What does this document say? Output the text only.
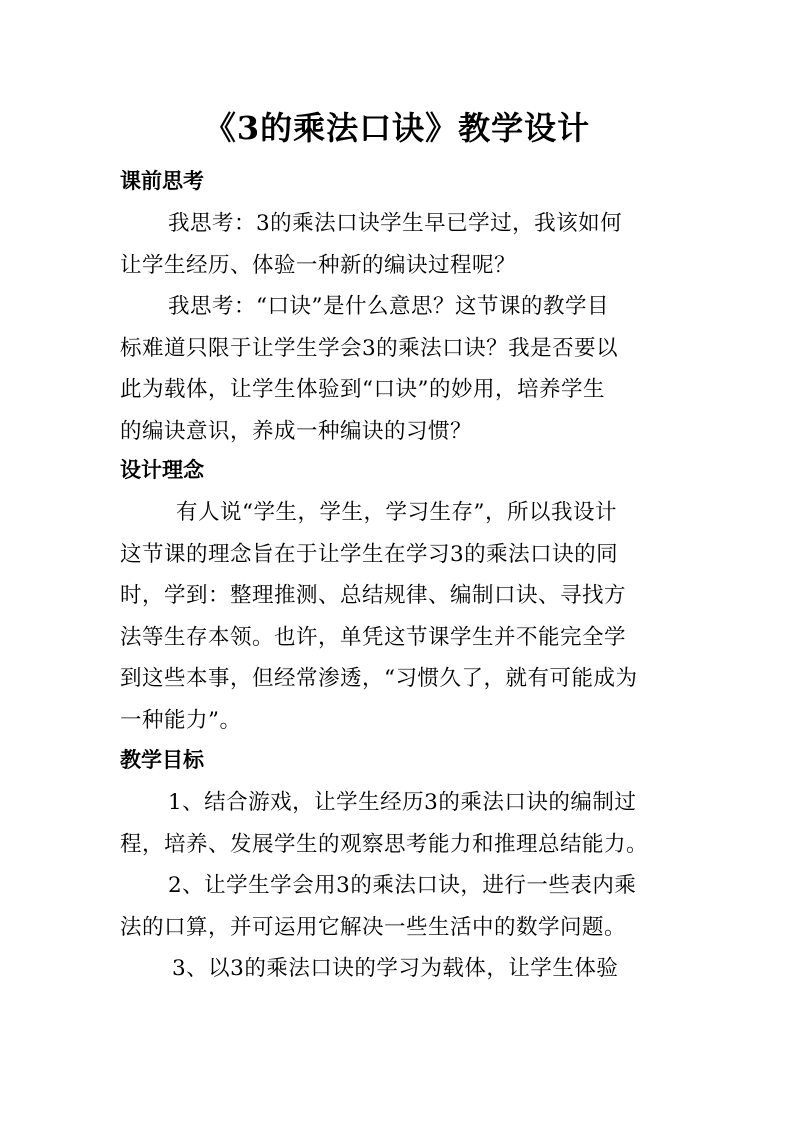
《3的乘法口诀》教学设计
课前思考
我思考：3的乘法口诀学生早已学过，我该如何
让学生经历、体验一种新的编诀过程呢？
我思考：“口诀”是什么意思？这节课的教学目
标难道只限于让学生学会3的乘法口诀？我是否要以
此为载体，让学生体验到“口诀”的妙用，培养学生
的编诀意识，养成一种编诀的习惯？
设计理念
有人说“学生，学生，学习生存”，所以我设计
这节课的理念旨在于让学生在学习3的乘法口诀的同
时，学到：整理推测、总结规律、编制口诀、寻找方
法等生存本领。也许，单凭这节课学生并不能完全学
到这些本事，但经常渗透，“习惯久了，就有可能成为
一种能力”。
教学目标
1、结合游戏，让学生经历3的乘法口诀的编制过
程，培养、发展学生的观察思考能力和推理总结能力。
2、让学生学会用3的乘法口诀，进行一些表内乘
法的口算，并可运用它解决一些生活中的数学问题。
3、以3的乘法口诀的学习为载体，让学生体验
